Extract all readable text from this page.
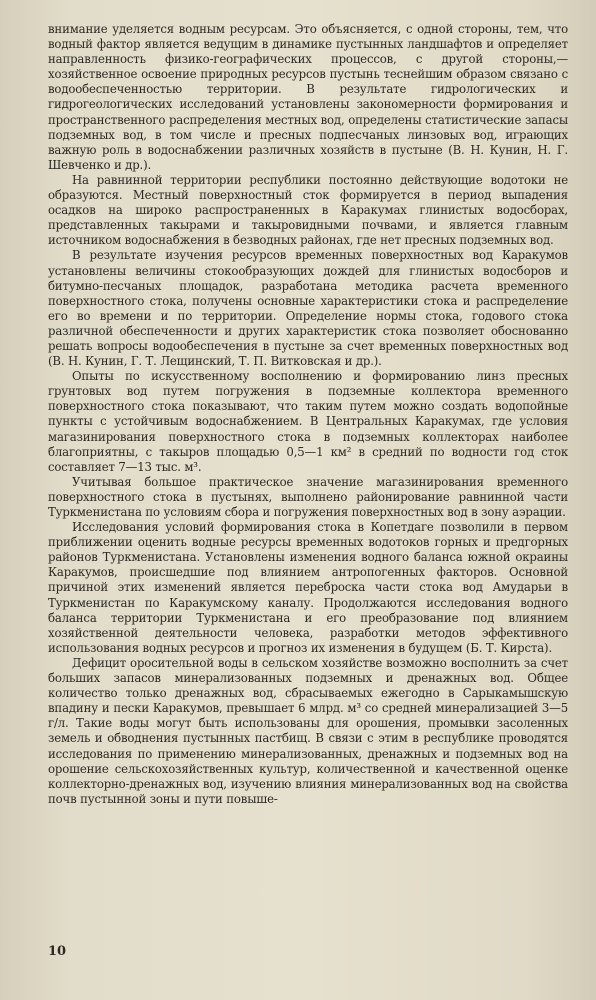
внимание уделяется водным ресурсам. Это объясняется, с одной стороны, тем, что водный фактор является ведущим в динамике пустынных ландшафтов и определяет направленность физико-географических процессов, с другой стороны,—хозяйственное освоение природных ресурсов пустынь теснейшим образом связано с водообеспеченностью территории. В результате гидрологических и гидрогеологических исследований установлены закономерности формирования и пространственного распределения местных вод, определены статистические запасы подземных вод, в том числе и пресных подпесчаных линзовых вод, играющих важную роль в водоснабжении различных хозяйств в пустыне (В. Н. Кунин, Н. Г. Шевченко и др.).

На равнинной территории республики постоянно действующие водотоки не образуются. Местный поверхностный сток формируется в период выпадения осадков на широко распространенных в Каракумах глинистых водосборах, представленных такырами и такыровидными почвами, и является главным источником водоснабжения в безводных районах, где нет пресных подземных вод.

В результате изучения ресурсов временных поверхностных вод Каракумов установлены величины стокообразующих дождей для глинистых водосборов и битумно-песчаных площадок, разработана методика расчета временного поверхностного стока, получены основные характеристики стока и распределение его во времени и по территории. Определение нормы стока, годового стока различной обеспеченности и других характеристик стока позволяет обоснованно решать вопросы водообеспечения в пустыне за счет временных поверхностных вод (В. Н. Кунин, Г. Т. Лещинский, Т. П. Витковская и др.).

Опыты по искусственному восполнению и формированию линз пресных грунтовых вод путем погружения в подземные коллектора временного поверхностного стока показывают, что таким путем можно создать водопойные пункты с устойчивым водоснабжением. В Центральных Каракумах, где условия магазинирования поверхностного стока в подземных коллекторах наиболее благоприятны, с такыров площадью 0,5—1 км² в средний по водности год сток составляет 7—13 тыс. м³.

Учитывая большое практическое значение магазинирования временного поверхностного стока в пустынях, выполнено районирование равнинной части Туркменистана по условиям сбора и погружения поверхностных вод в зону аэрации.

Исследования условий формирования стока в Копетдаге позволили в первом приближении оценить водные ресурсы временных водотоков горных и предгорных районов Туркменистана. Установлены изменения водного баланса южной окраины Каракумов, происшедшие под влиянием антропогенных факторов. Основной причиной этих изменений является переброска части стока вод Амударьи в Туркменистан по Каракумскому каналу. Продолжаются исследования водного баланса территории Туркменистана и его преобразование под влиянием хозяйственной деятельности человека, разработки методов эффективного использования водных ресурсов и прогноз их изменения в будущем (Б. Т. Кирста).

Дефицит оросительной воды в сельском хозяйстве возможно восполнить за счет больших запасов минерализованных подземных и дренажных вод. Общее количество только дренажных вод, сбрасываемых ежегодно в Сарыкамышскую впадину и пески Каракумов, превышает 6 млрд. м³ со средней минерализацией 3—5 г/л. Такие воды могут быть использованы для орошения, промывки засоленных земель и обводнения пустынных пастбищ. В связи с этим в республике проводятся исследования по применению минерализованных, дренажных и подземных вод на орошение сельскохозяйственных культур, количественной и качественной оценке коллекторно-дренажных вод, изучению влияния минерализованных вод на свойства почв пустынной зоны и пути повыше-

10
